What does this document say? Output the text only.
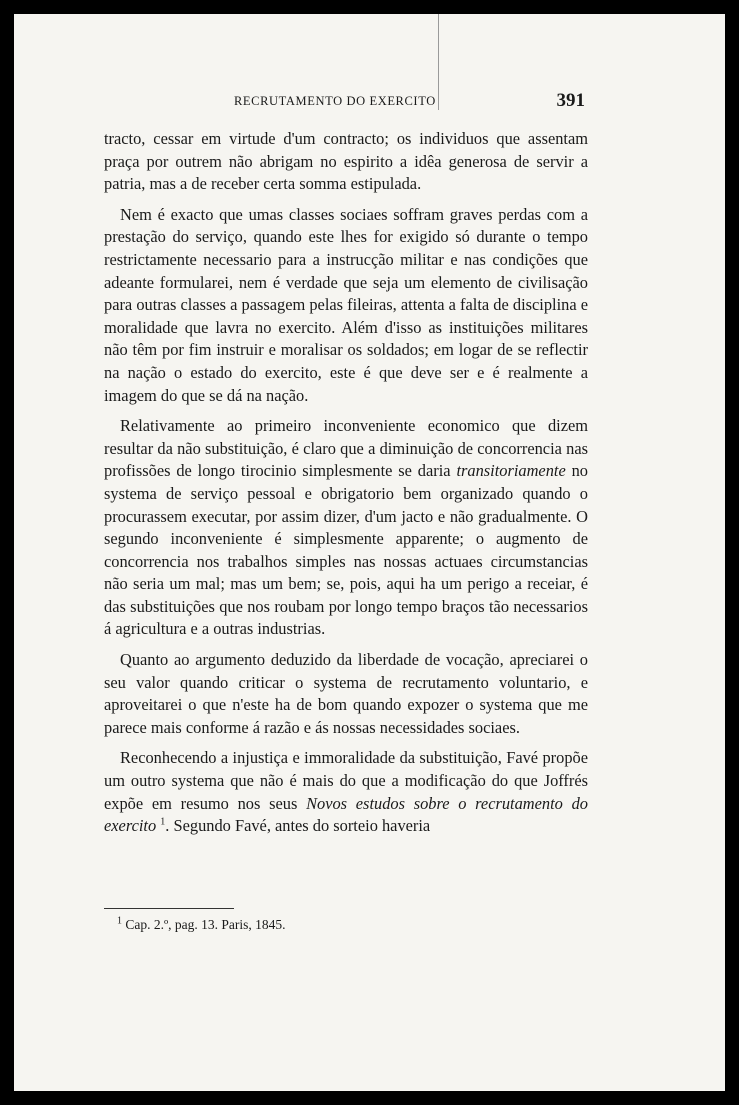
RECRUTAMENTO DO EXERCITO	391

tracto, cessar em virtude d'um contracto; os individuos que assentam praça por outrem não abrigam no espirito a idêa generosa de servir a patria, mas a de receber certa somma estipulada.

Nem é exacto que umas classes sociaes soffram graves perdas com a prestação do serviço, quando este lhes for exigido só durante o tempo restrictamente necessario para a instrucção militar e nas condições que adeante formularei, nem é verdade que seja um elemento de civilisação para outras classes a passagem pelas fileiras, attenta a falta de disciplina e moralidade que lavra no exercito. Além d'isso as instituições militares não têm por fim instruir e moralisar os soldados; em logar de se reflectir na nação o estado do exercito, este é que deve ser e é realmente a imagem do que se dá na nação.

Relativamente ao primeiro inconveniente economico que dizem resultar da não substituição, é claro que a diminuição de concorrencia nas profissões de longo tirocinio simplesmente se daria transitoriamente no systema de serviço pessoal e obrigatorio bem organizado quando o procurassem executar, por assim dizer, d'um jacto e não gradualmente. O segundo inconveniente é simplesmente apparente; o augmento de concorrencia nos trabalhos simples nas nossas actuaes circumstancias não seria um mal; mas um bem; se, pois, aqui ha um perigo a receiar, é das substituições que nos roubam por longo tempo braços tão necessarios á agricultura e a outras industrias.

Quanto ao argumento deduzido da liberdade de vocação, apreciarei o seu valor quando criticar o systema de recrutamento voluntario, e aproveitarei o que n'este ha de bom quando expozer o systema que me parece mais conforme á razão e ás nossas necessidades sociaes.

Reconhecendo a injustiça e immoralidade da substituição, Favé propõe um outro systema que não é mais do que a modificação do que Joffrés expõe em resumo nos seus Novos estudos sobre o recrutamento do exercito $^1$. Segundo Favé, antes do sorteio haveria

$^1$ Cap. 2.º, pag. 13. Paris, 1845.
